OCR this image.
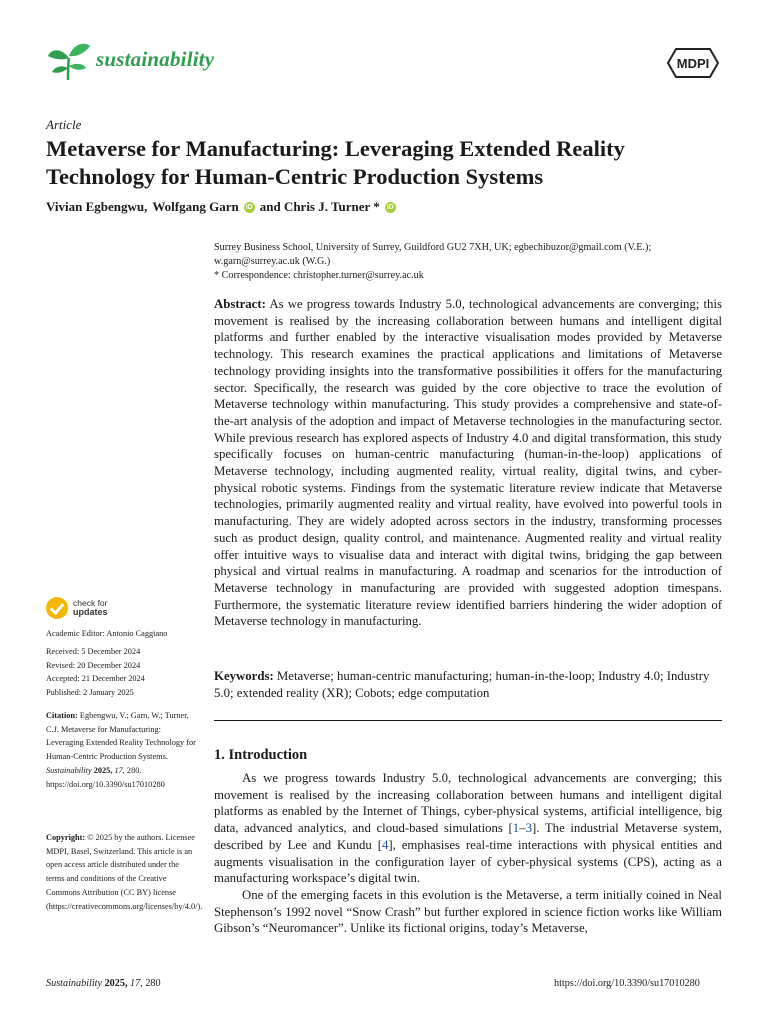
sustainability	MDPI
Article
Metaverse for Manufacturing: Leveraging Extended Reality Technology for Human-Centric Production Systems
Vivian Egbengwu, Wolfgang Garn iD and Chris J. Turner * iD
Surrey Business School, University of Surrey, Guildford GU2 7XH, UK; egbechibuzor@gmail.com (V.E.);
w.garn@surrey.ac.uk (W.G.)
* Correspondence: christopher.turner@surrey.ac.uk
Abstract: As we progress towards Industry 5.0, technological advancements are converging; this movement is realised by the increasing collaboration between humans and intelligent digital platforms and further enabled by the interactive visualisation modes provided by Metaverse technology. This research examines the practical applications and limitations of Metaverse technology providing insights into the transformative possibilities it offers for the manufacturing sector. Specifically, the research was guided by the core objective to trace the evolution of Metaverse technology within manufacturing. This study provides a comprehensive and state-of-the-art analysis of the adoption and impact of Metaverse technologies in the manufacturing sector. While previous research has explored aspects of Industry 4.0 and digital transformation, this study specifically focuses on human-centric manufacturing (human-in-the-loop) applications of Metaverse technology, including augmented reality, virtual reality, digital twins, and cyber-physical robotic systems. Findings from the systematic literature review indicate that Metaverse technologies, primarily augmented reality and virtual reality, have evolved into powerful tools in manufacturing. They are widely adopted across sectors in the industry, transforming processes such as product design, quality control, and maintenance. Augmented reality and virtual reality offer intuitive ways to visualise data and interact with digital twins, bridging the gap between physical and virtual realms in manufacturing. A roadmap and scenarios for the introduction of Metaverse technology in manufacturing are provided with suggested adoption timespans. Furthermore, the systematic literature review identified barriers hindering the wider adoption of Metaverse technology in manufacturing.
Keywords: Metaverse; human-centric manufacturing; human-in-the-loop; Industry 4.0; Industry 5.0; extended reality (XR); Cobots; edge computation
1. Introduction

As we progress towards Industry 5.0, technological advancements are converging; this movement is realised by the increasing collaboration between humans and intelligent digital platforms as enabled by the Internet of Things, cyber-physical systems, artificial intelligence, big data, advanced analytics, and cloud-based simulations [1–3]. The industrial Metaverse system, described by Lee and Kundu [4], emphasises real-time interactions with physical entities and augments visualisation in the configuration layer of cyber-physical systems (CPS), acting as a manufacturing workspace’s digital twin.

One of the emerging facets in this evolution is the Metaverse, a term initially coined in Neal Stephenson’s 1992 novel “Snow Crash” but further explored in science fiction works like William Gibson’s “Neuromancer”. Unlike its fictional origins, today’s Metaverse,

check for
updates
Academic Editor: Antonio Caggiano
Received: 5 December 2024
Revised: 20 December 2024
Accepted: 21 December 2024
Published: 2 January 2025
Citation: Egbengwu, V.; Garn, W.; Turner, C.J. Metaverse for Manufacturing: Leveraging Extended Reality Technology for Human-Centric Production Systems. Sustainability 2025, 17, 280. https://doi.org/10.3390/su17010280
Copyright: © 2025 by the authors. Licensee MDPI, Basel, Switzerland. This article is an open access article distributed under the terms and conditions of the Creative Commons Attribution (CC BY) license (https://creativecommons.org/licenses/by/4.0/).
Sustainability 2025, 17, 280	https://doi.org/10.3390/su17010280
